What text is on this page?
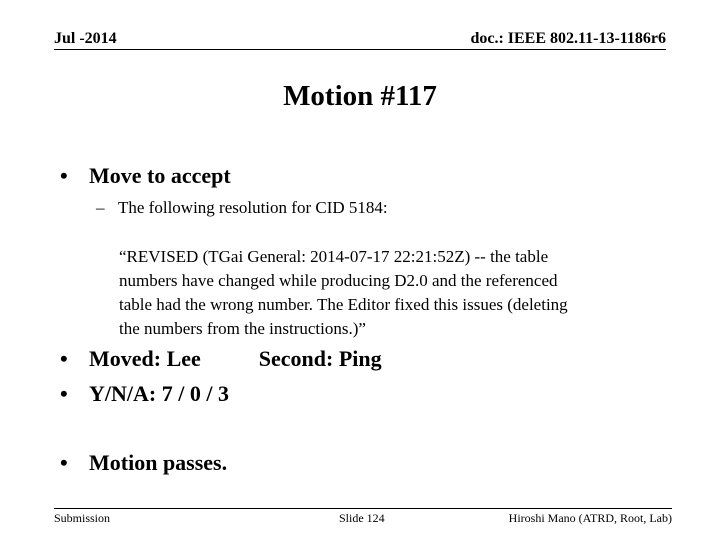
Jul -2014	doc.: IEEE 802.11-13-1186r6
Motion #117
• Move to accept
– The following resolution for CID 5184:
“REVISED (TGai General: 2014-07-17 22:21:52Z) -- the table
numbers have changed while producing D2.0 and the referenced
table had the wrong number. The Editor fixed this issues (deleting
the numbers from the instructions.)”
• Moved: Lee	Second: Ping
• Y/N/A: 7 / 0 / 3
• Motion passes.
Submission	Slide 124	Hiroshi Mano (ATRD, Root, Lab)
